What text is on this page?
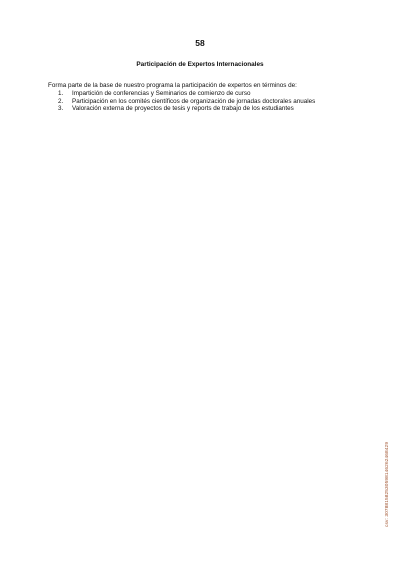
58
Participación de Expertos Internacionales
Forma parte de la base de nuestro programa la participación de expertos en términos de:
1. Impartición de conferencias y Seminarios de comienzo de curso
2. Participación en los comités científicos de organización de jornadas doctorales anuales
3. Valoración externa de proyectos de tesis y reports de trabajo de los estudiantes
csv: 307881582530598146262468429
